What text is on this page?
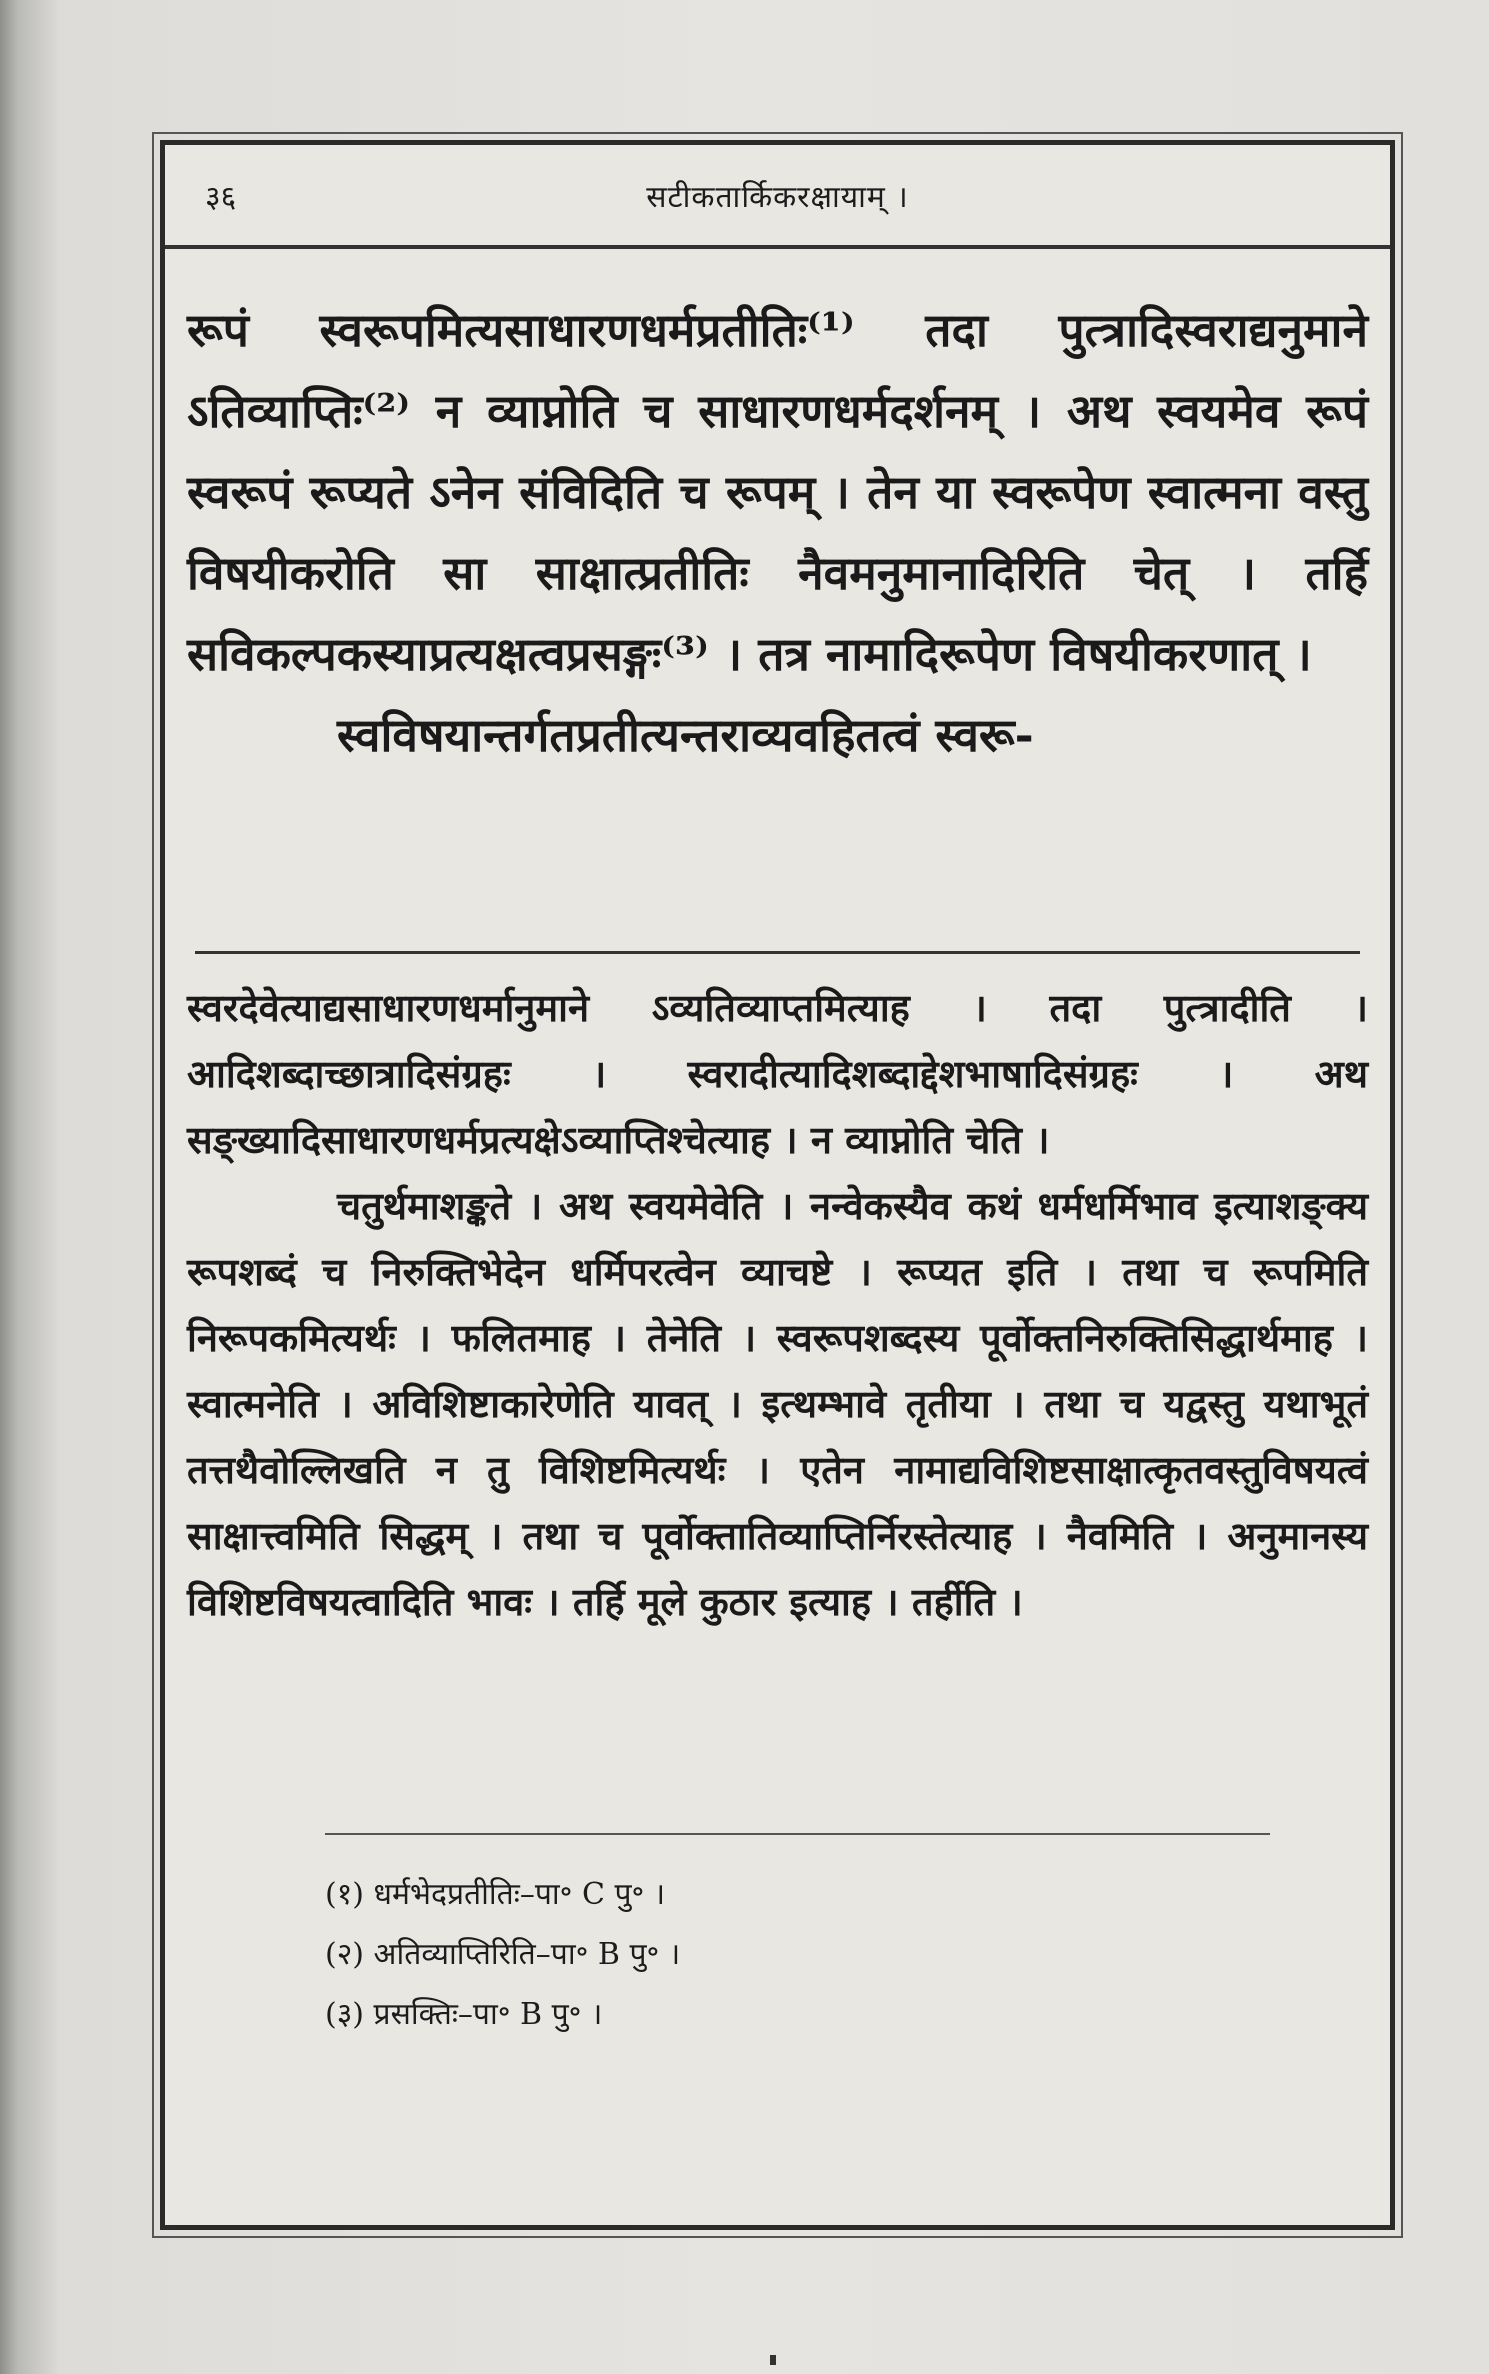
३६	सटीकतार्किकरक्षायाम् ।

रूपं स्वरूपमित्यसाधारणधर्मप्रतीतिः⁽¹⁾ तदा पुत्त्रादिस्वराद्यनुमाने ऽतिव्याप्तिः⁽²⁾ न व्याप्नोति च साधारणधर्मदर्शनम् । अथ स्वयमेव रूपं स्वरूपं रूप्यते ऽनेन संविदिति च रूपम् । तेन या स्वरूपेण स्वात्मना वस्तु विषयीकरोति सा साक्षात्प्रतीतिः नैवमनुमानादिरिति चेत् । तर्हि सविकल्पकस्याप्रत्यक्षत्वप्रसङ्गः⁽³⁾ । तत्र नामादिरूपेण विषयीकरणात् ।

स्वविषयान्तर्गतप्रतीत्यन्तराव्यवहितत्वं स्वरू-

स्वरदेवेत्याद्यसाधारणधर्मानुमाने ऽव्यतिव्याप्तमित्याह । तदा पुत्त्रादीति । आदिशब्दाच्छात्रादिसंग्रहः । स्वरादीत्यादिशब्दाद्देशभाषादिसंग्रहः । अथ सङ्ख्यादिसाधारणधर्मप्रत्यक्षेऽव्याप्तिश्चेत्याह । न व्याप्नोति चेति ।

चतुर्थमाशङ्कते । अथ स्वयमेवेति । नन्वेकस्यैव कथं धर्मधर्मिभाव इत्याशङ्क्य रूपशब्दं च निरुक्तिभेदेन धर्मिपरत्वेन व्याचष्टे । रूप्यत इति । तथा च रूपमिति निरूपकमित्यर्थः । फलितमाह । तेनेति । स्वरूपशब्दस्य पूर्वोक्तनिरुक्तिसिद्धार्थमाह । स्वात्मनेति । अविशिष्टाकारेणेति यावत् । इत्थम्भावे तृतीया । तथा च यद्वस्तु यथाभूतं तत्तथैवोल्लिखति न तु विशिष्टमित्यर्थः । एतेन नामाद्यविशिष्टसाक्षात्कृतवस्तुविषयत्वं साक्षात्त्वमिति सिद्धम् । तथा च पूर्वोक्तातिव्याप्तिर्निरस्तेत्याह । नैवमिति । अनुमानस्य विशिष्टविषयत्वादिति भावः । तर्हि मूले कुठार इत्याह । तर्हीति ।

(१) धर्मभेदप्रतीतिः–पा॰ C पु॰ ।
(२) अतिव्याप्तिरिति–पा॰ B पु॰ ।
(३) प्रसक्तिः–पा॰ B पु॰ ।
